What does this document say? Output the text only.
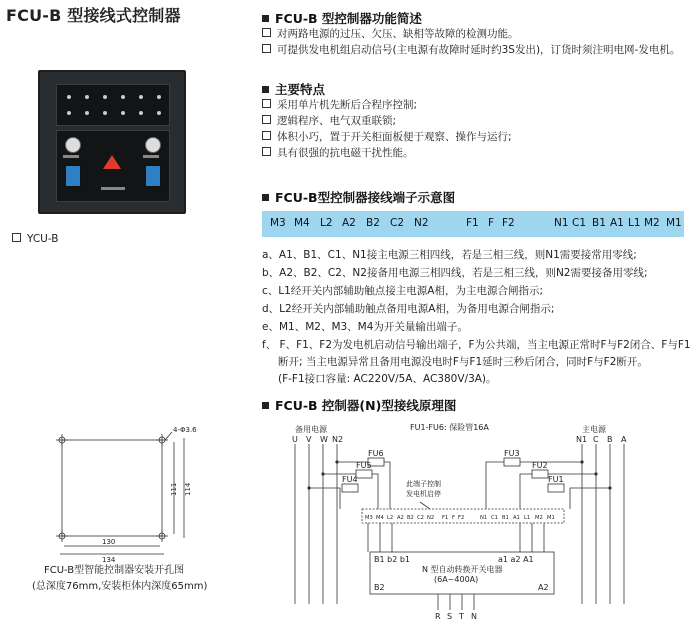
FCU-B 型接线式控制器
YCU-B
FCU-B 型控制器功能简述
对两路电源的过压、欠压、缺相等故障的检测功能。
可提供发电机组启动信号(主电源有故障时延时约3S发出)，订货时须注明电网-发电机。
主要特点
采用单片机先断后合程序控制;
逻辑程序、电气双重联锁;
体积小巧，置于开关柜面板便于观察、操作与运行;
具有很强的抗电磁干扰性能。
FCU-B型控制器接线端子示意图
M3 M4 L2 A2 B2 C2 N2	F1 F F2	N1 C1 B1 A1 L1 M2 M1
a、A1、B1、C1、N1接主电源三相四线，若是三相三线，则N1需要接常用零线;
b、A2、B2、C2、N2接备用电源三相四线，若是三相三线，则N2需要接备用零线;
c、L1经开关内部辅助触点接主电源A相，为主电源合闸指示;
d、L2经开关内部辅助触点备用电源A相，为备用电源合闸指示;
e、M1、M2、M3、M4为开关量输出端子。
f、 F、F1、F2为发电机启动信号输出端子，F为公共端，当主电源正常时F与F2闭合、F与F1
断开; 当主电源异常且备用电源没电时F与F1延时三秒后闭合，同时F与F2断开。
(F-F1接口容量: AC220V/5A、AC380V/3A)。
FCU-B 控制器(N)型接线原理图
备用电源	主电源
FU1-FU6: 保险管16A
U V W N2	N1 C B A
FU6
FU5
FU4
FU3
FU2
FU1
此端子控制
发电机启停
M3 M4 L2 A2 B2 C2 N2 F1 F F2	N1 C1 B1 A1 L1 M2 M1
B1 b2 b1	a1 a2 A1
N 型自动转换开关电器
(6A~400A)
B2	A2
R S T N
4-Φ3.6
130
134
111 114
FCU-B型智能控制器安装开孔图
(总深度76mm,安装柜体内深度65mm)
